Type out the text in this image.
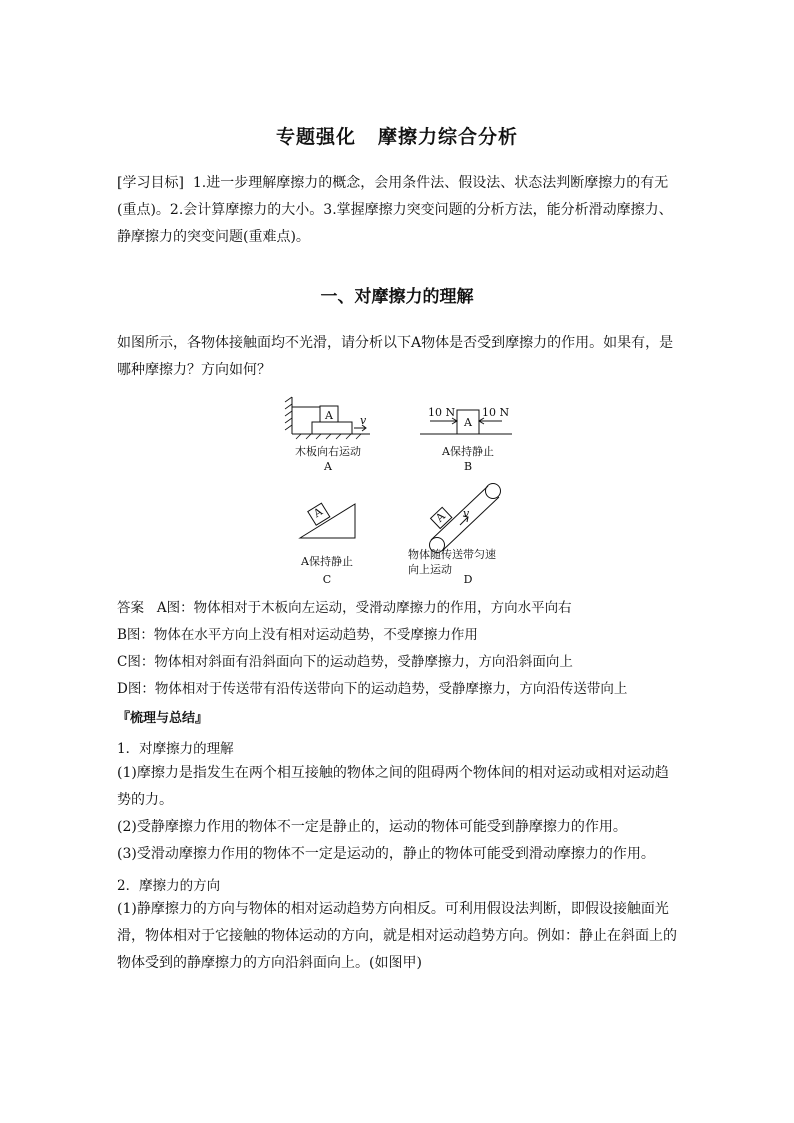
专题强化 摩擦力综合分析
[学习目标] 1.进一步理解摩擦力的概念，会用条件法、假设法、状态法判断摩擦力的有无(重点)。2.会计算摩擦力的大小。3.掌握摩擦力突变问题的分析方法，能分析滑动摩擦力、静摩擦力的突变问题(重难点)。
一、对摩擦力的理解
如图所示，各物体接触面均不光滑，请分析以下A物体是否受到摩擦力的作用。如果有，是哪种摩擦力？方向如何？
A v
木板向右运动
A
A
10 N 10 N
A保持静止
B
A
A保持静止
C
A v
物体随传送带匀速
向上运动
D
答案 A图：物体相对于木板向左运动，受滑动摩擦力的作用，方向水平向右
B图：物体在水平方向上没有相对运动趋势，不受摩擦力作用
C图：物体相对斜面有沿斜面向下的运动趋势，受静摩擦力，方向沿斜面向上
D图：物体相对于传送带有沿传送带向下的运动趋势，受静摩擦力，方向沿传送带向上
『梳理与总结』
1．对摩擦力的理解
(1)摩擦力是指发生在两个相互接触的物体之间的阻碍两个物体间的相对运动或相对运动趋势的力。
(2)受静摩擦力作用的物体不一定是静止的，运动的物体可能受到静摩擦力的作用。
(3)受滑动摩擦力作用的物体不一定是运动的，静止的物体可能受到滑动摩擦力的作用。
2．摩擦力的方向
(1)静摩擦力的方向与物体的相对运动趋势方向相反。可利用假设法判断，即假设接触面光滑，物体相对于它接触的物体运动的方向，就是相对运动趋势方向。例如：静止在斜面上的物体受到的静摩擦力的方向沿斜面向上。(如图甲)
